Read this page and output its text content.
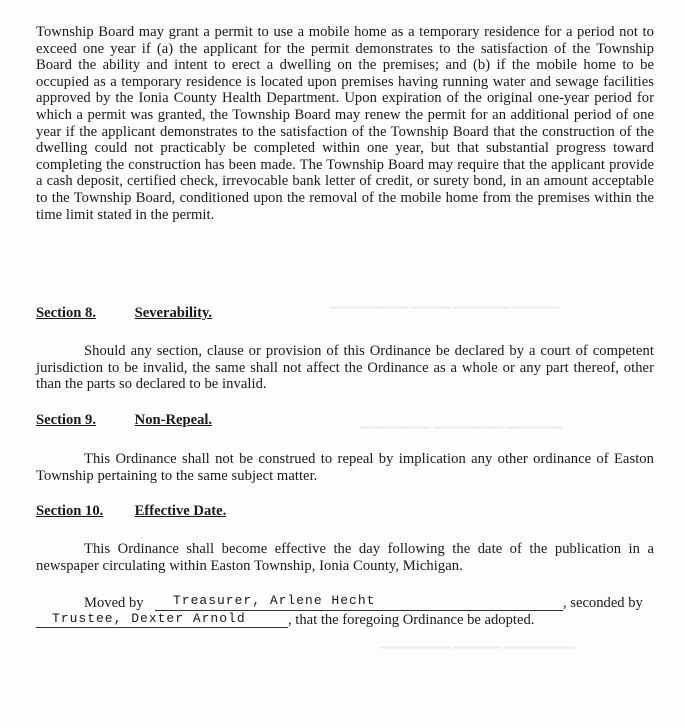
━━━━━━ ━━━━━━━ ━━━━━ ━━━━━━━━━━
━━━━━━━ ━━━━━━━━━ ━━━━━━━━━
━━━━━━━━━ ━━━━━━ ━━━━━━━━━

Township Board may grant a permit to use a mobile home as a temporary residence for a period not to exceed one year if (a) the applicant for the permit demonstrates to the satisfaction of the Township Board the ability and intent to erect a dwelling on the premises; and (b) if the mobile home to be occupied as a temporary residence is located upon premises having running water and sewage facilities approved by the Ionia County Health Department. Upon expiration of the original one-year period for which a permit was granted, the Township Board may renew the permit for an additional period of one year if the applicant demonstrates to the satisfaction of the Township Board that the construction of the dwelling could not practicably be completed within one year, but that substantial progress toward completing the construction has been made. The Township Board may require that the applicant provide a cash deposit, certified check, irrevocable bank letter of credit, or surety bond, in an amount acceptable to the Township Board, conditioned upon the removal of the mobile home from the premises within the time limit stated in the permit.

Section 8.	Severability.

Should any section, clause or provision of this Ordinance be declared by a court of competent jurisdiction to be invalid, the same shall not affect the Ordinance as a whole or any part thereof, other than the parts so declared to be invalid.

Section 9.	Non-Repeal.

This Ordinance shall not be construed to repeal by implication any other ordinance of Easton Township pertaining to the same subject matter.

Section 10. Effective Date.

This Ordinance shall become effective the day following the date of the publication in a newspaper circulating within Easton Township, Ionia County, Michigan.

Moved by Treasurer, Arlene Hecht	, seconded by
Trustee, Dexter Arnold	, that the foregoing Ordinance be adopted.
